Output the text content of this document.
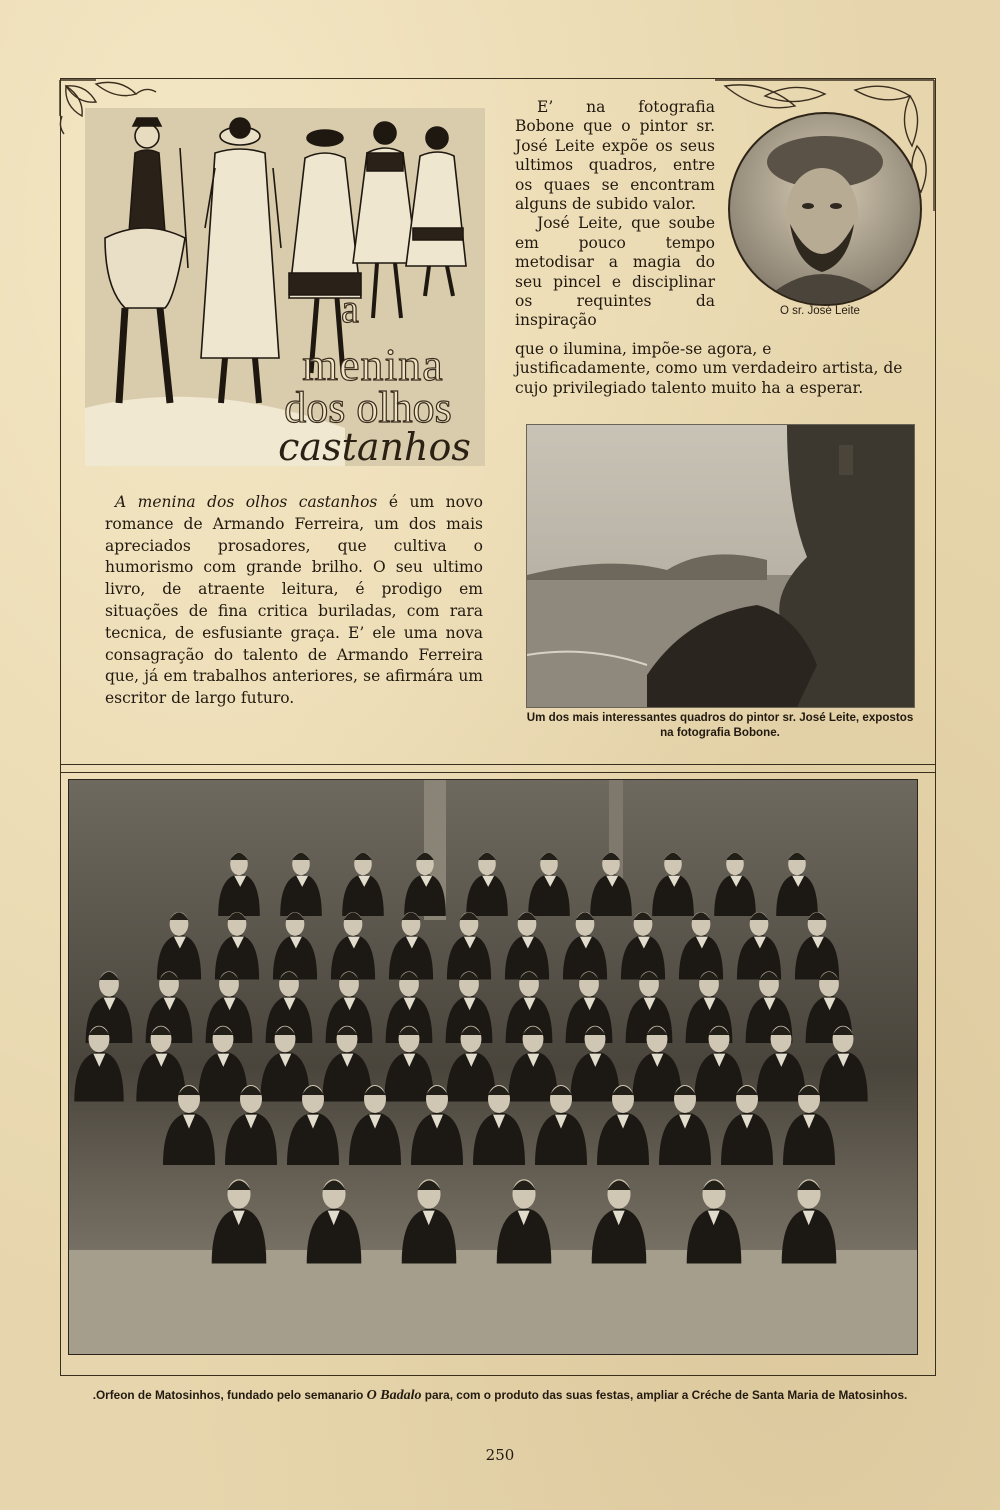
a
menina
dos olhos
castanhos

E’ na fotografia Bobone que o pintor sr. José Leite expõe os seus ultimos quadros, entre os quaes se encontram alguns de subido valor.

José Leite, que soube em pouco tempo metodisar a magia do seu pincel e disciplinar os requintes da inspiração

que o ilumina, impõe-se agora, e justificadamente, como um verdadeiro artista, de cujo privilegiado talento muito ha a esperar.

O sr. José Leite
Um dos mais interessantes quadros do pintor sr. José Leite, expostos na fotografia Bobone.

A menina dos olhos castanhos é um novo romance de Armando Ferreira, um dos mais apreciados prosadores, que cultiva o humorismo com grande brilho. O seu ultimo livro, de atraente leitura, é prodigo em situações de fina critica buriladas, com rara tecnica, de esfusiante graça. E’ ele uma nova consagração do talento de Armando Ferreira que, já em trabalhos anteriores, se afirmára um escritor de largo futuro.

.Orfeon de Matosinhos, fundado pelo semanario O Badalo para, com o produto das suas festas, ampliar a Créche de Santa Maria de Matosinhos.
250
